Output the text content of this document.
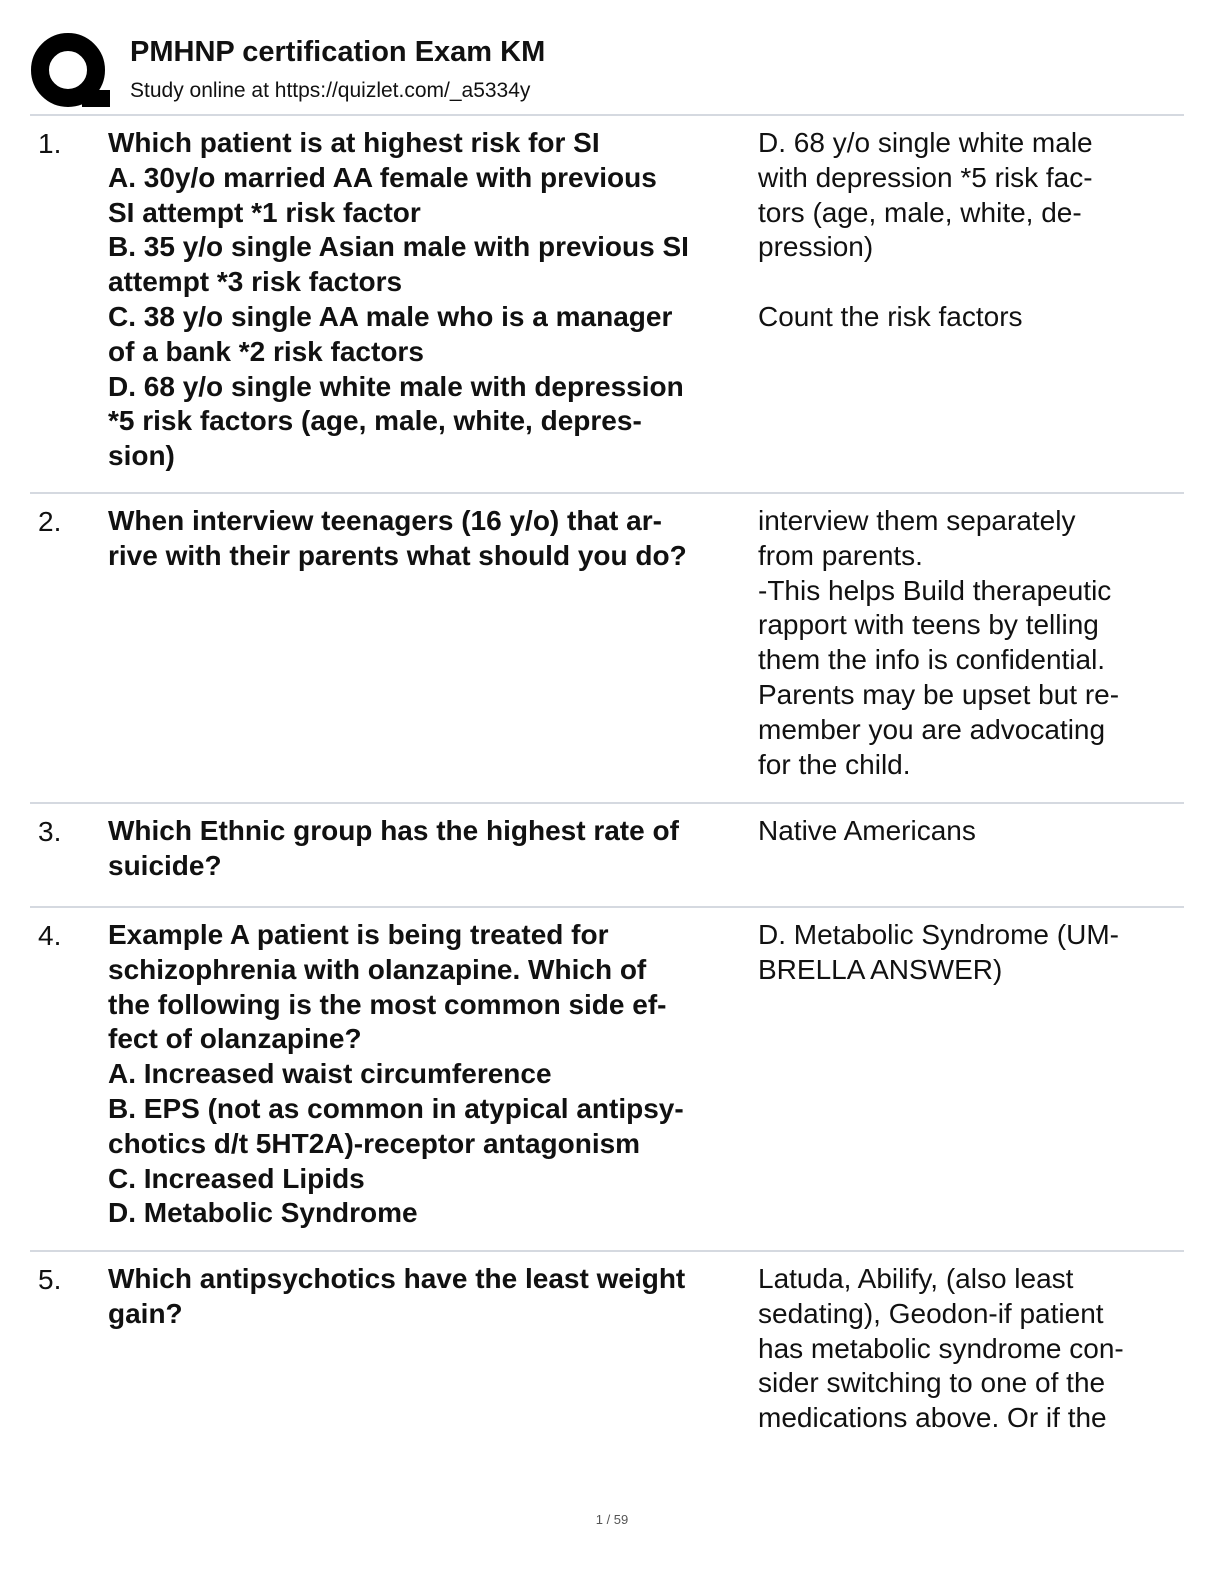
PMHNP certification Exam KM
Study online at https://quizlet.com/_a5334y
1. Which patient is at highest risk for SI
A. 30y/o married AA female with previous
SI attempt *1 risk factor
B. 35 y/o single Asian male with previous SI
attempt *3 risk factors
C. 38 y/o single AA male who is a manager
of a bank *2 risk factors
D. 68 y/o single white male with depression
*5 risk factors (age, male, white, depres-
sion)
D. 68 y/o single white male
with depression *5 risk fac-
tors (age, male, white, de-
pression)

Count the risk factors
2. When interview teenagers (16 y/o) that ar-
rive with their parents what should you do?
interview them separately
from parents.
-This helps Build therapeutic
rapport with teens by telling
them the info is confidential.
Parents may be upset but re-
member you are advocating
for the child.
3. Which Ethnic group has the highest rate of
suicide?
Native Americans
4. Example A patient is being treated for
schizophrenia with olanzapine. Which of
the following is the most common side ef-
fect of olanzapine?
A. Increased waist circumference
B. EPS (not as common in atypical antipsy-
chotics d/t 5HT2A)-receptor antagonism
C. Increased Lipids
D. Metabolic Syndrome
D. Metabolic Syndrome (UM-
BRELLA ANSWER)
5. Which antipsychotics have the least weight
gain?
Latuda, Abilify, (also least
sedating), Geodon-if patient
has metabolic syndrome con-
sider switching to one of the
medications above. Or if the
1 / 59
